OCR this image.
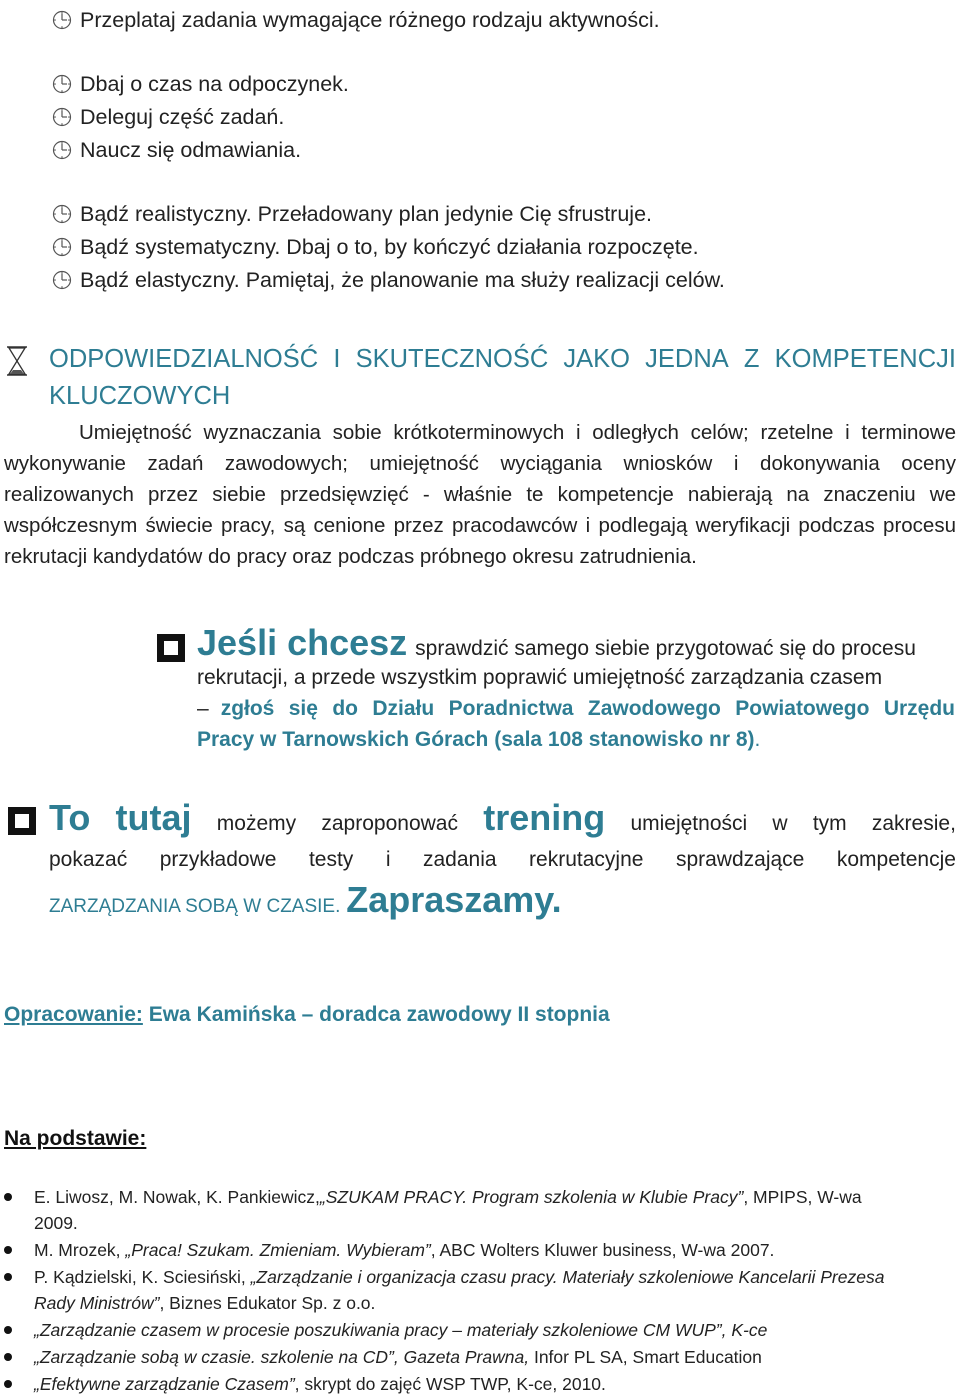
Przeplataj zadania wymagające różnego rodzaju aktywności.
Dbaj o czas na odpoczynek.
Deleguj część zadań.
Naucz się odmawiania.
Bądź realistyczny. Przeładowany plan jedynie Cię sfrustruje.
Bądź systematyczny. Dbaj o to, by kończyć działania rozpoczęte.
Bądź elastyczny. Pamiętaj, że planowanie ma służy realizacji celów.
ODPOWIEDZIALNOŚĆ I SKUTECZNOŚĆ JAKO JEDNA Z KOMPETENCJI
KLUCZOWYCH
Umiejętność wyznaczania sobie krótkoterminowych i odległych celów; rzetelne i terminowe wykonywanie zadań zawodowych; umiejętność wyciągania wniosków i dokonywania oceny realizowanych przez siebie przedsięwzięć - właśnie te kompetencje nabierają na znaczeniu we współczesnym świecie pracy, są cenione przez pracodawców i podlegają weryfikacji podczas procesu rekrutacji kandydatów do pracy oraz podczas próbnego okresu zatrudnienia.
Jeśli chcesz sprawdzić samego siebie przygotować się do procesu
rekrutacji, a przede wszystkim poprawić umiejętność zarządzania czasem
– zgłoś się do Działu Poradnictwa Zawodowego Powiatowego Urzędu
Pracy w Tarnowskich Górach (sala 108 stanowisko nr 8).
To tutaj możemy zaproponować trening umiejętności w tym zakresie,
pokazać przykładowe testy i zadania rekrutacyjne sprawdzające kompetencje
ZARZĄDZANIA SOBĄ W CZASIE. Zapraszamy.
Opracowanie: Ewa Kamińska – doradca zawodowy II stopnia
Na podstawie:
E. Liwosz, M. Nowak, K. Pankiewicz, „SZUKAM PRACY. Program szkolenia w Klubie Pracy” , MPIPS, W-wa
2009.
M. Mrozek, „Praca! Szukam. Zmieniam. Wybieram”, ABC Wolters Kluwer business, W-wa 2007.
P. Kądzielski, K. Sciesiński, „Zarządzanie i organizacja czasu pracy. Materiały szkoleniowe Kancelarii Prezesa
Rady Ministrów”, Biznes Edukator Sp. z o.o.
„Zarządzanie czasem w procesie poszukiwania pracy – materiały szkoleniowe CM WUP”, K-ce
„Zarządzanie sobą w czasie. szkolenie na CD”, Gazeta Prawna, Infor PL SA, Smart Education
„Efektywne zarządzanie Czasem”, skrypt do zajęć WSP TWP, K-ce, 2010.
